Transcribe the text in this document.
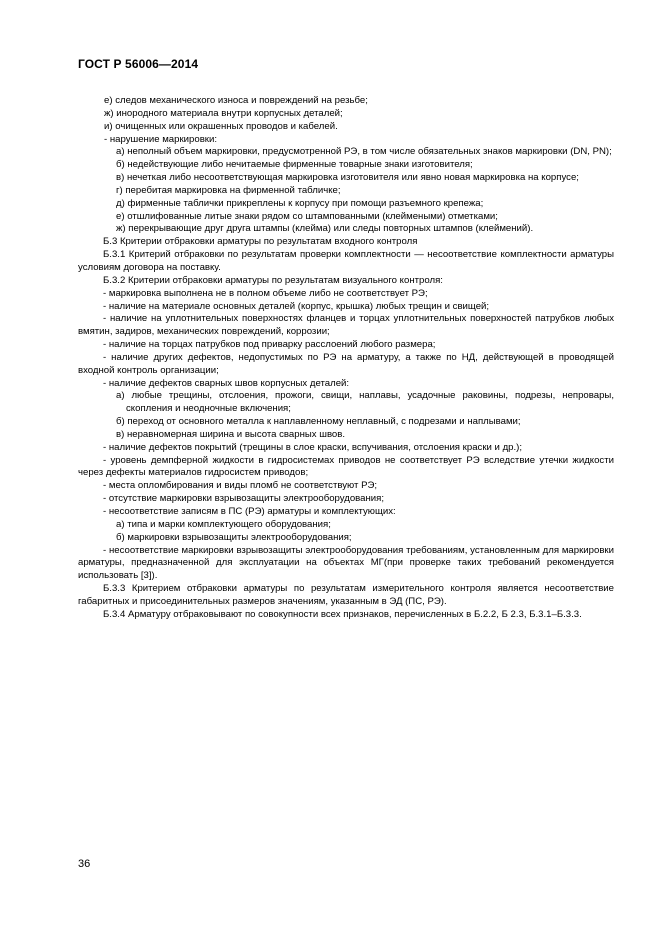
ГОСТ Р 56006—2014

е) следов механического износа и повреждений на резьбе;

ж) инородного материала внутри корпусных деталей;

и) очищенных или окрашенных проводов и кабелей.

- нарушение маркировки:

а) неполный объем маркировки, предусмотренной РЭ, в том числе обязательных знаков маркировки (DN, PN);

б) недействующие либо нечитаемые фирменные товарные знаки изготовителя;

в) нечеткая либо несоответствующая маркировка изготовителя или явно новая маркировка на корпусе;

г) перебитая маркировка на фирменной табличке;

д) фирменные таблички прикреплены к корпусу при помощи разъемного крепежа;

е) отшлифованные литые знаки рядом со штампованными (клеймеными) отметками;

ж) перекрывающие друг друга штампы (клейма) или следы повторных штампов (клеймений).

Б.3 Критерии отбраковки арматуры по результатам входного контроля

Б.3.1 Критерий отбраковки по результатам проверки комплектности — несоответствие комплектности арматуры условиям договора на поставку.

Б.3.2 Критерии отбраковки арматуры по результатам визуального контроля:

- маркировка выполнена не в полном объеме либо не соответствует РЭ;

- наличие на материале основных деталей (корпус, крышка) любых трещин и свищей;

- наличие на уплотнительных поверхностях фланцев и торцах уплотнительных поверхностей патрубков любых вмятин, задиров, механических повреждений, коррозии;

- наличие на торцах патрубков под приварку расслоений любого размера;

- наличие других дефектов, недопустимых по РЭ на арматуру, а также по НД, действующей в проводящей входной контроль организации;

- наличие дефектов сварных швов корпусных деталей:

а) любые трещины, отслоения, прожоги, свищи, наплавы, усадочные раковины, подрезы, непровары, скопления и неодночные включения;

б) переход от основного металла к наплавленному неплавный, с подрезами и наплывами;

в) неравномерная ширина и высота сварных швов.

- наличие дефектов покрытий (трещины в слое краски, вспучивания, отслоения краски и др.);

- уровень демпферной жидкости в гидросистемах приводов не соответствует РЭ вследствие утечки жидкости через дефекты материалов гидросистем приводов;

- места опломбирования и виды пломб не соответствуют РЭ;

- отсутствие маркировки взрывозащиты электрооборудования;

- несоответствие записям в ПС (РЭ) арматуры и комплектующих:

а) типа и марки комплектующего оборудования;

б) маркировки взрывозащиты электрооборудования;

- несоответствие маркировки взрывозащиты электрооборудования требованиям, установленным для маркировки арматуры, предназначенной для эксплуатации на объектах МГ(при проверке таких требований рекомендуется использовать [3]).

Б.3.3 Критерием отбраковки арматуры по результатам измерительного контроля является несоответствие габаритных и присоединительных размеров значениям, указанным в ЭД (ПС, РЭ).

Б.3.4 Арматуру отбраковывают по совокупности всех признаков, перечисленных в Б.2.2, Б 2.3, Б.3.1–Б.3.3.

36
